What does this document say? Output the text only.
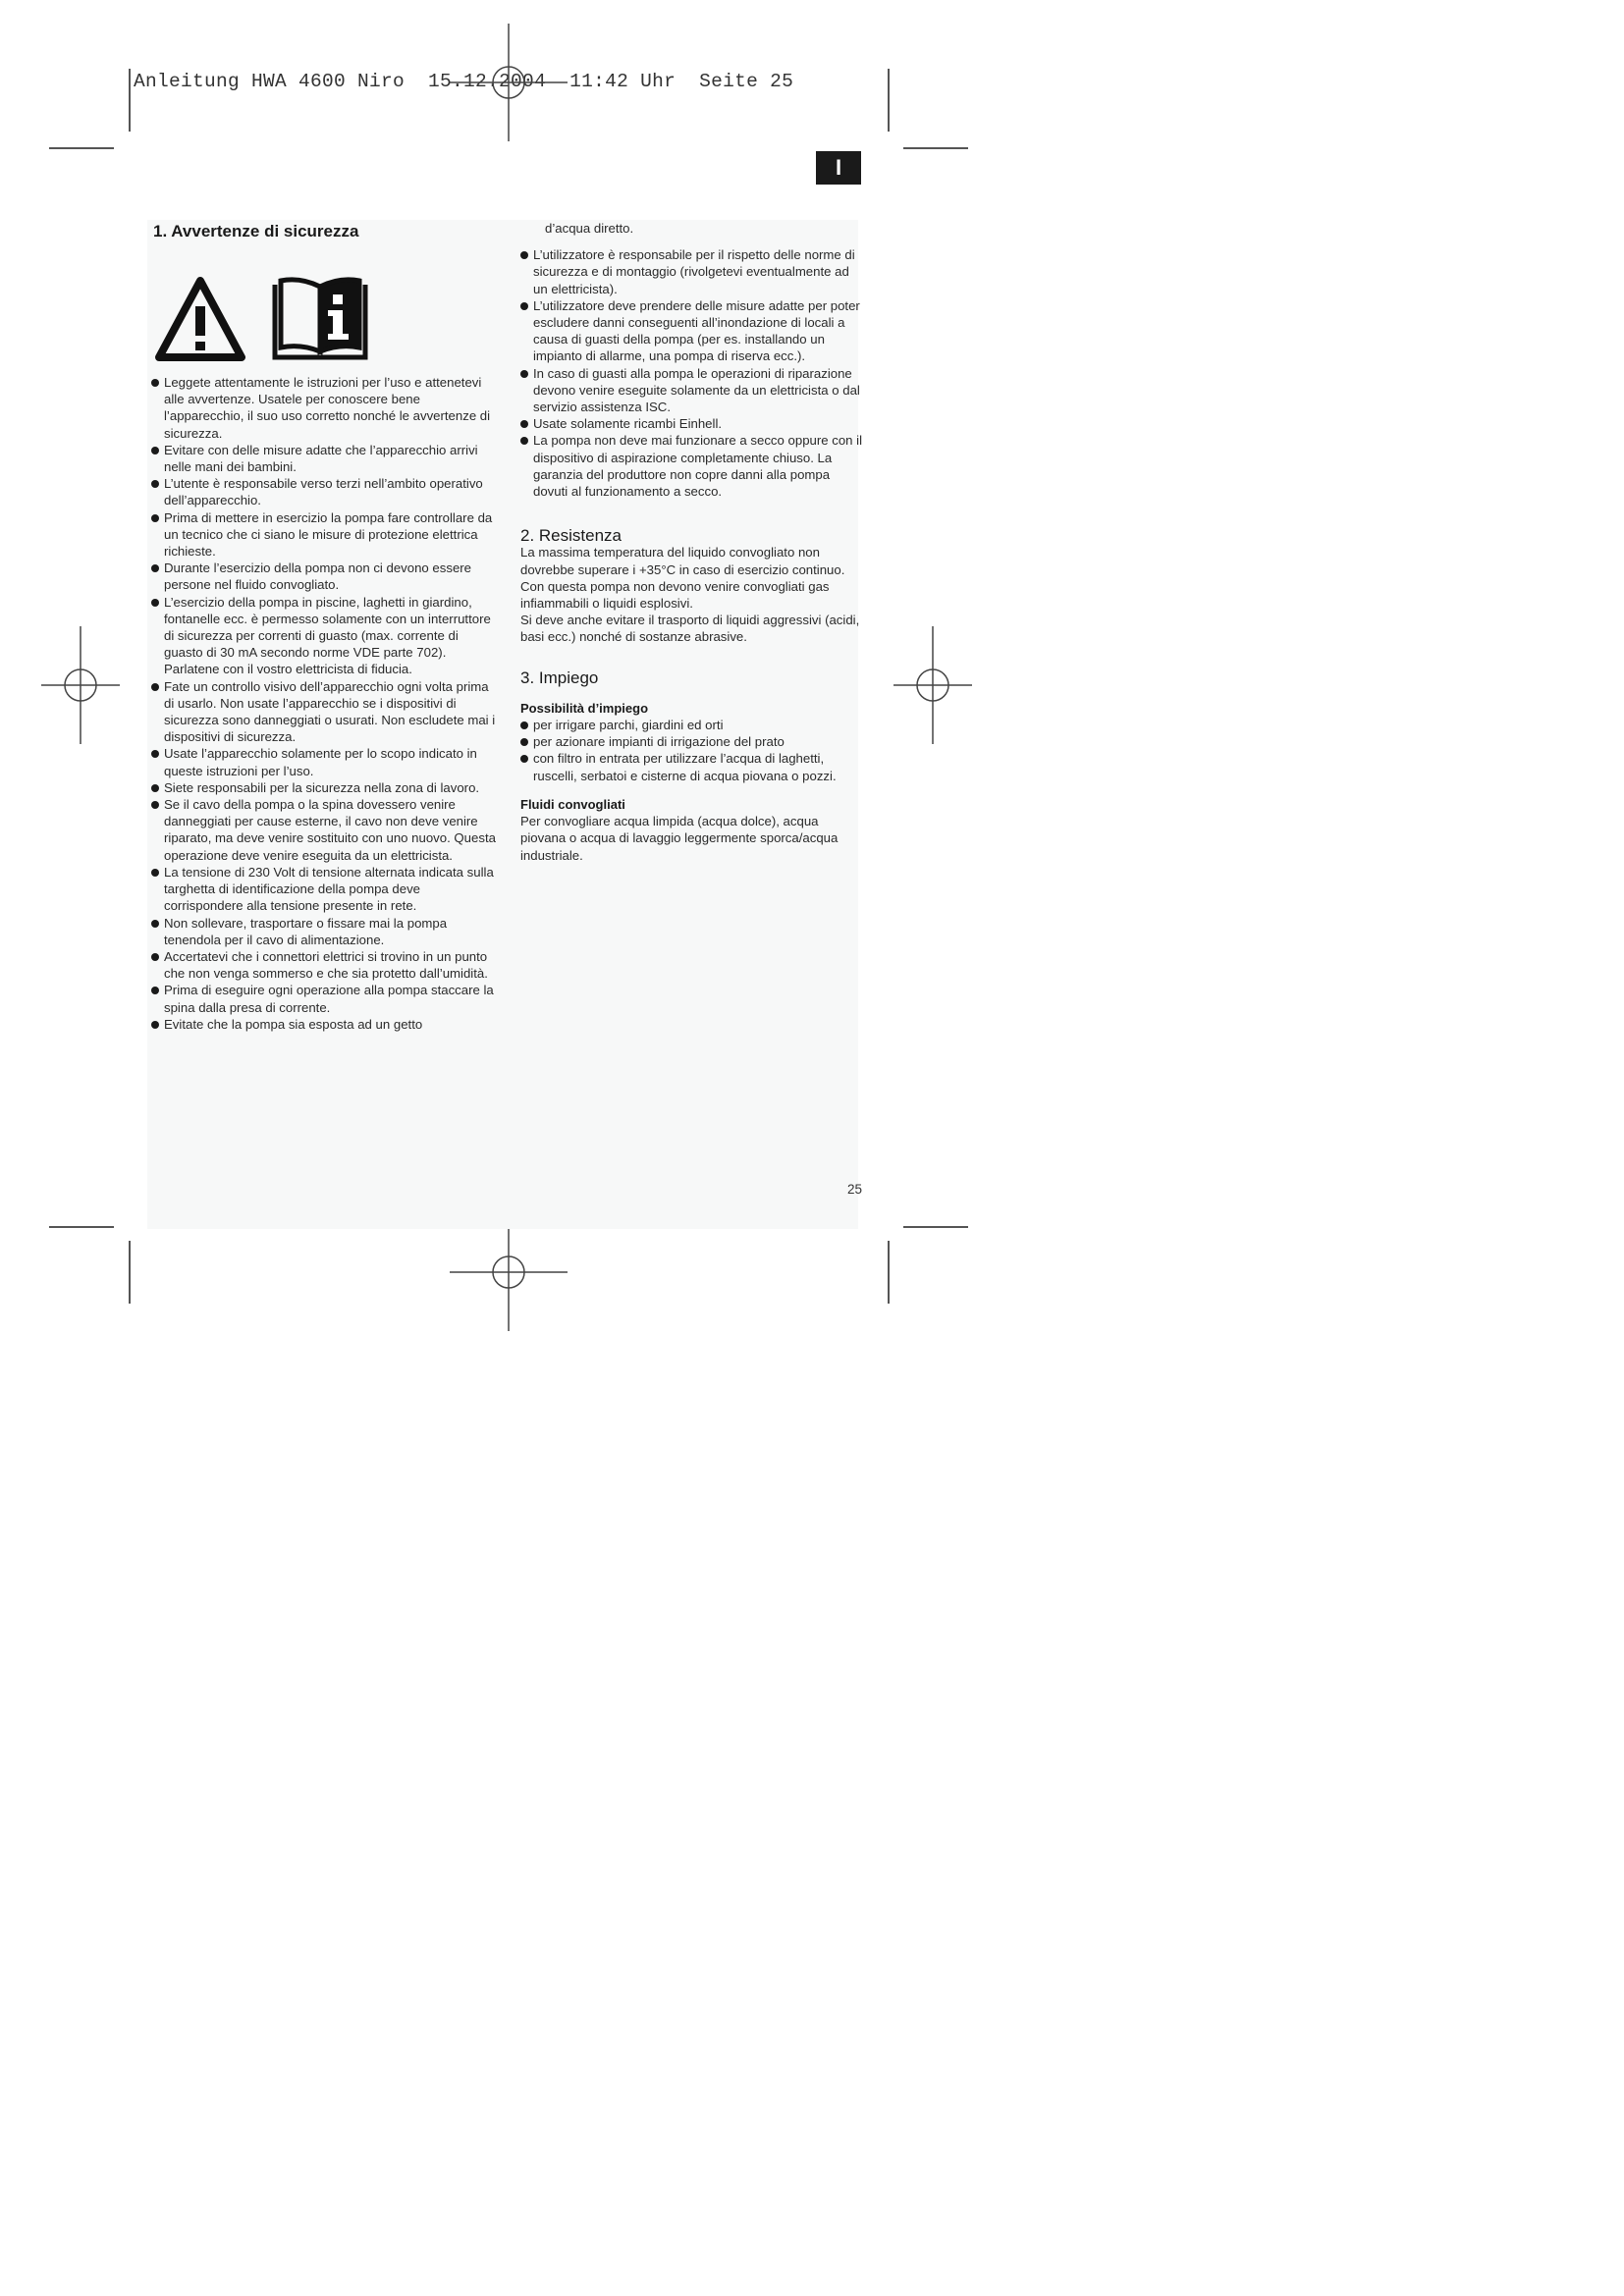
Anleitung HWA 4600 Niro  15.12.2004  11:42 Uhr  Seite 25
I
1. Avvertenze di sicurezza
Leggete attentamente le istruzioni per l’uso e attenetevi alle avvertenze. Usatele per conoscere bene l’apparecchio, il suo uso corretto nonché le avvertenze di sicurezza.
Evitare con delle misure adatte che l’apparecchio arrivi nelle mani dei bambini.
L’utente è responsabile verso terzi nell’ambito operativo dell’apparecchio.
Prima di mettere in esercizio la pompa fare controllare da un tecnico che ci siano le misure di protezione elettrica richieste.
Durante l’esercizio della pompa non ci devono essere persone nel fluido convogliato.
L’esercizio della pompa in piscine, laghetti in giardino, fontanelle ecc. è permesso solamente con un interruttore di sicurezza per correnti di guasto (max. corrente di guasto di 30 mA secondo norme VDE parte 702). Parlatene con il vostro elettricista di fiducia.
Fate un controllo visivo dell’apparecchio ogni volta prima di usarlo. Non usate l’apparecchio se i dispositivi di sicurezza sono danneggiati o usurati. Non escludete mai i dispositivi di sicurezza.
Usate l’apparecchio solamente per lo scopo indicato in queste istruzioni per l’uso.
Siete responsabili per la sicurezza nella zona di lavoro.
Se il cavo della pompa o la spina dovessero venire danneggiati per cause esterne, il cavo non deve venire riparato, ma deve venire sostituito con uno nuovo. Questa operazione deve venire eseguita da un elettricista.
La tensione di 230 Volt di tensione alternata indicata sulla targhetta di identificazione della pompa deve corrispondere alla tensione presente in rete.
Non sollevare, trasportare o fissare mai la pompa tenendola per il cavo di alimentazione.
Accertatevi che i connettori elettrici si trovino in un punto che non venga sommerso e che sia protetto dall’umidità.
Prima di eseguire ogni operazione alla pompa staccare la spina dalla presa di corrente.
Evitate che la pompa sia esposta ad un getto

d’acqua diretto.

L’utilizzatore è responsabile per il rispetto delle norme di sicurezza e di montaggio (rivolgetevi eventualmente ad un elettricista).
L’utilizzatore deve prendere delle misure adatte per poter escludere danni conseguenti all’inondazione di locali a causa di guasti della pompa (per es. installando un impianto di allarme, una pompa di riserva ecc.).
In caso di guasti alla pompa le operazioni di riparazione devono venire eseguite solamente da un elettricista o dal servizio assistenza ISC.
Usate solamente ricambi Einhell.
La pompa non deve mai funzionare a secco oppure con il dispositivo di aspirazione completamente chiuso. La garanzia del produttore non copre danni alla pompa dovuti al funzionamento a secco.
2. Resistenza

La massima temperatura del liquido convogliato non dovrebbe superare i +35°C in caso di esercizio continuo.

Con questa pompa non devono venire convogliati gas infiammabili o liquidi esplosivi.

Si deve anche evitare il trasporto di liquidi aggressivi (acidi, basi ecc.) nonché di sostanze abrasive.

3. Impiego
Possibilità d’impiego
per irrigare parchi, giardini ed orti
per azionare impianti di irrigazione del prato
con filtro in entrata per utilizzare l’acqua di laghetti, ruscelli, serbatoi e cisterne di acqua piovana o pozzi.
Fluidi convogliati

Per convogliare acqua limpida (acqua dolce), acqua piovana o acqua di lavaggio leggermente sporca/acqua industriale.

25
